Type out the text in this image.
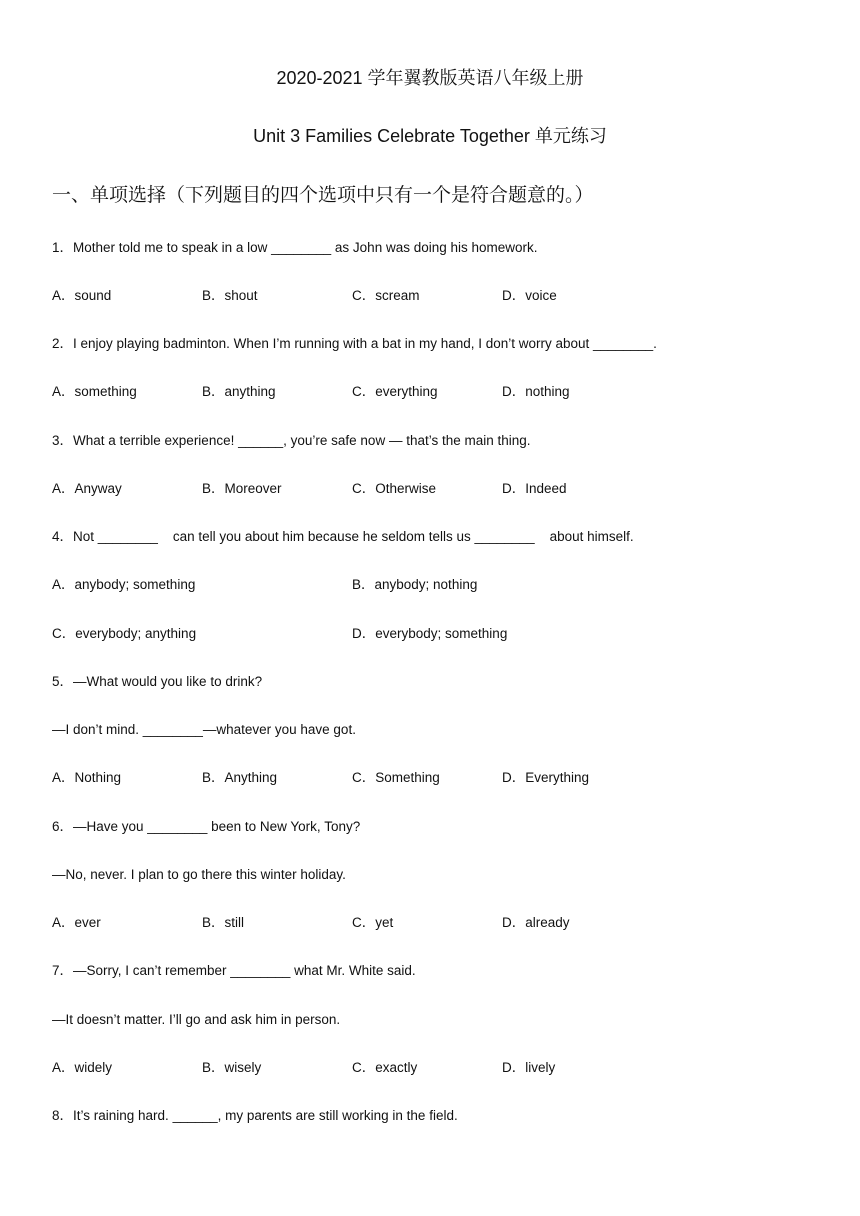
2020-2021 学年翼教版英语八年级上册
Unit 3 Families Celebrate Together 单元练习
一、单项选择（下列题目的四个选项中只有一个是符合题意的。）
1．Mother told me to speak in a low ________ as John was doing his homework.
A．sound	B．shout	C．scream	D．voice
2．I enjoy playing badminton. When I’m running with a bat in my hand, I don’t worry about ________.
A．something	B．anything	C．everything	D．nothing
3．What a terrible experience! ______, you’re safe now — that’s the main thing.
A．Anyway	B．Moreover	C．Otherwise	D．Indeed
4．Not ________    can tell you about him because he seldom tells us ________    about himself.
A．anybody; something	B．anybody; nothing
C．everybody; anything	D．everybody; something
5．—What would you like to drink?
—I don’t mind. ________—whatever you have got.
A．Nothing	B．Anything	C．Something	D．Everything
6．—Have you ________ been to New York, Tony?
—No, never. I plan to go there this winter holiday.
A．ever	B．still	C．yet	D．already
7．—Sorry, I can’t remember ________ what Mr. White said.
—It doesn’t matter. I’ll go and ask him in person.
A．widely	B．wisely	C．exactly	D．lively
8．It’s raining hard. ______, my parents are still working in the field.
